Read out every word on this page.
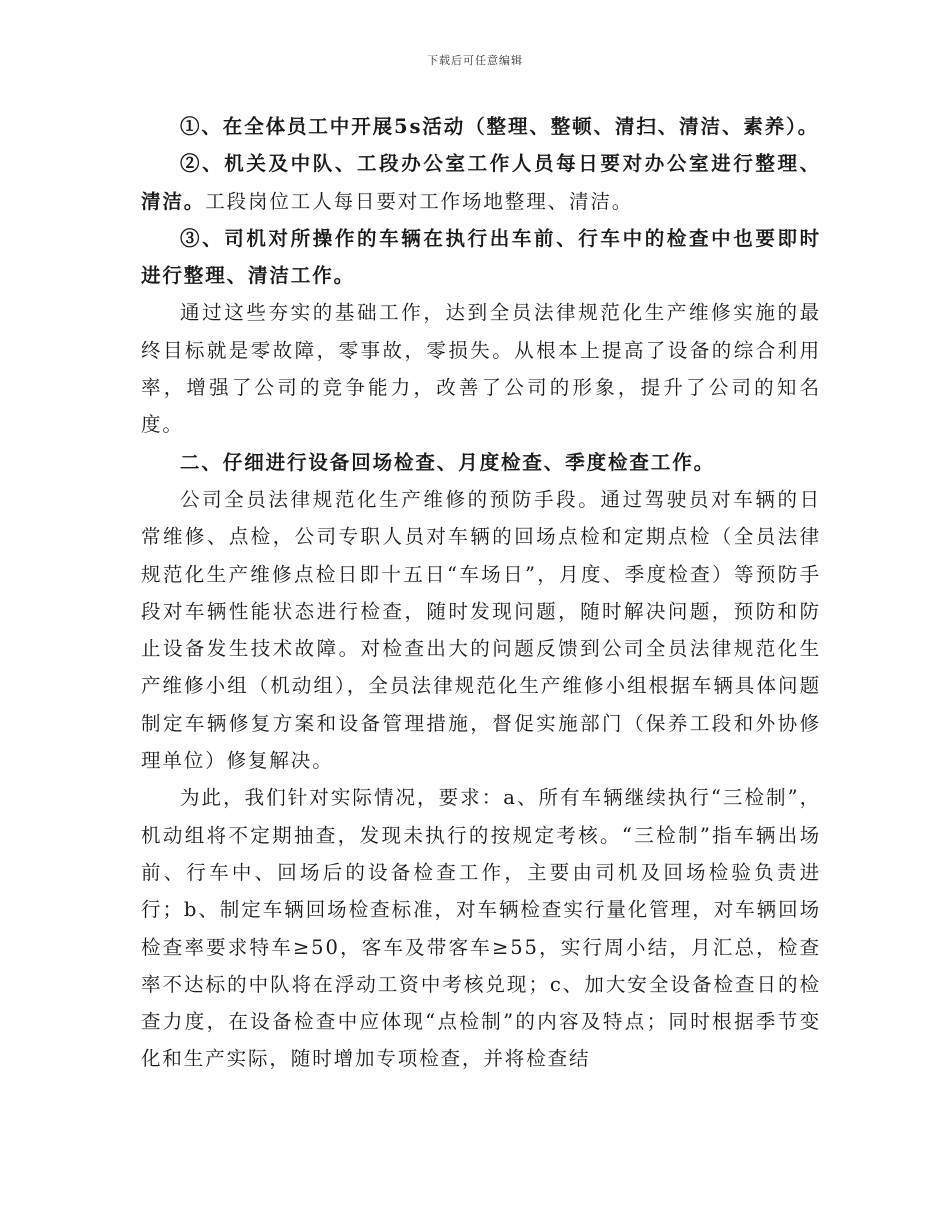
下载后可任意编辑

①、在全体员工中开展5s活动（整理、整顿、清扫、清洁、素养）。

②、机关及中队、工段办公室工作人员每日要对办公室进行整理、清洁。工段岗位工人每日要对工作场地整理、清洁。

③、司机对所操作的车辆在执行出车前、行车中的检查中也要即时进行整理、清洁工作。

通过这些夯实的基础工作，达到全员法律规范化生产维修实施的最终目标就是零故障，零事故，零损失。从根本上提高了设备的综合利用率，增强了公司的竞争能力，改善了公司的形象，提升了公司的知名度。

二、仔细进行设备回场检查、月度检查、季度检查工作。

公司全员法律规范化生产维修的预防手段。通过驾驶员对车辆的日常维修、点检，公司专职人员对车辆的回场点检和定期点检（全员法律规范化生产维修点检日即十五日“车场日”，月度、季度检查）等预防手段对车辆性能状态进行检查，随时发现问题，随时解决问题，预防和防止设备发生技术故障。对检查出大的问题反馈到公司全员法律规范化生产维修小组（机动组），全员法律规范化生产维修小组根据车辆具体问题制定车辆修复方案和设备管理措施，督促实施部门（保养工段和外协修理单位）修复解决。

为此，我们针对实际情况，要求：a、所有车辆继续执行“三检制”，机动组将不定期抽查，发现未执行的按规定考核。“三检制”指车辆出场前、行车中、回场后的设备检查工作，主要由司机及回场检验负责进行；b、制定车辆回场检查标准，对车辆检查实行量化管理，对车辆回场检查率要求特车≥50，客车及带客车≥55，实行周小结，月汇总，检查率不达标的中队将在浮动工资中考核兑现；c、加大安全设备检查日的检查力度，在设备检查中应体现“点检制”的内容及特点；同时根据季节变化和生产实际，随时增加专项检查，并将检查结
